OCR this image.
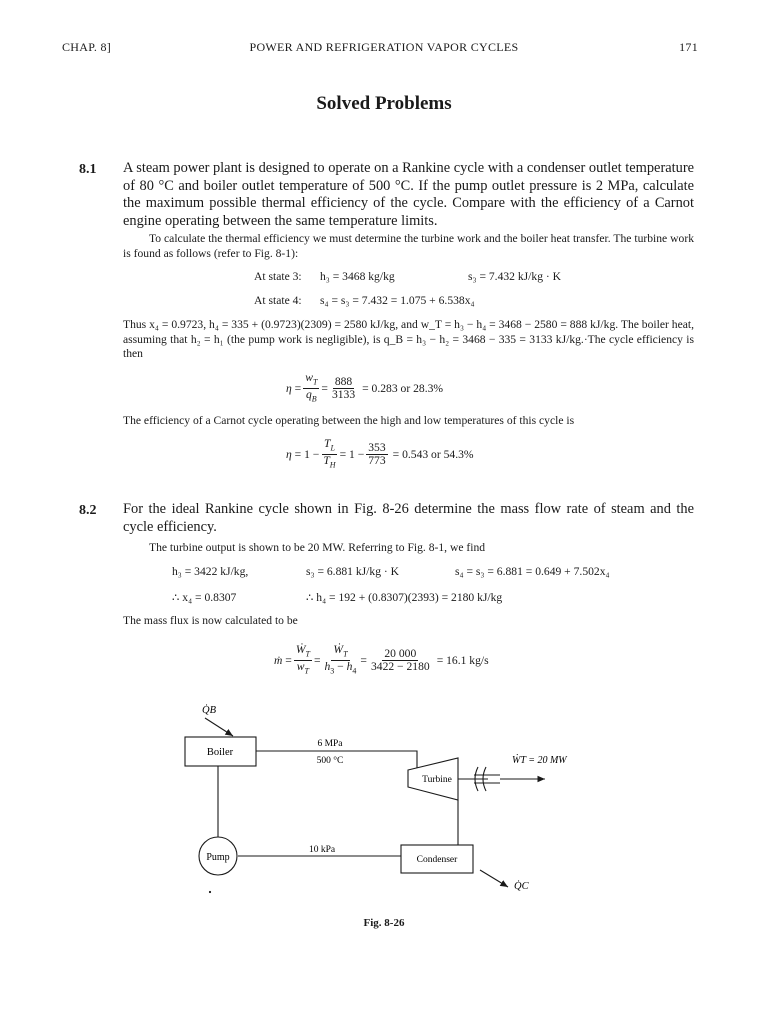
CHAP. 8]	POWER AND REFRIGERATION VAPOR CYCLES	171
Solved Problems
8.1 A steam power plant is designed to operate on a Rankine cycle with a condenser outlet temperature of 80 °C and boiler outlet temperature of 500 °C. If the pump outlet pressure is 2 MPa, calculate the maximum possible thermal efficiency of the cycle. Compare with the efficiency of a Carnot engine operating between the same temperature limits.
To calculate the thermal efficiency we must determine the turbine work and the boiler heat transfer. The turbine work is found as follows (refer to Fig. 8-1):
At state 3: h₃ = 3468 kg/kg	s₃ = 7.432 kJ/kg · K
At state 4: s₄ = s₃ = 7.432 = 1.075 + 6.538x₄
Thus x₄ = 0.9723, h₄ = 335 + (0.9723)(2309) = 2580 kJ/kg, and w_T = h₃ − h₄ = 3468 − 2580 = 888 kJ/kg. The boiler heat, assuming that h₂ = h₁ (the pump work is negligible), is q_B = h₃ − h₂ = 3468 − 335 = 3133 kJ/kg.·The cycle efficiency is then
$\eta = \frac{w_T}{q_B} = \frac{888}{3133} = 0.283$ or 28.3%
The efficiency of a Carnot cycle operating between the high and low temperatures of this cycle is
$\eta = 1 - \frac{T_L}{T_H} = 1 - \frac{353}{773} = 0.543$ or 54.3%
8.2 For the ideal Rankine cycle shown in Fig. 8-26 determine the mass flow rate of steam and the cycle efficiency.
The turbine output is shown to be 20 MW. Referring to Fig. 8-1, we find
h₃ = 3422 kJ/kg,	s₃ = 6.881 kJ/kg · K	s₄ = s₃ = 6.881 = 0.649 + 7.502x₄
∴ x₄ = 0.8307	∴ h₄ = 192 + (0.8307)(2393) = 2180 kJ/kg
The mass flux is now calculated to be
ṁ = $\frac{Ẇ_T}{w_T} = \frac{Ẇ_T}{h_3 - h_4} = \frac{20 000}{3422 - 2180} = 16.1$ kg/s
Q̇B
Boiler
6 MPa
500 °C
Turbine
ẆT = 20 MW
Pump
10 kPa
Condenser
Q̇C
Fig. 8-26
